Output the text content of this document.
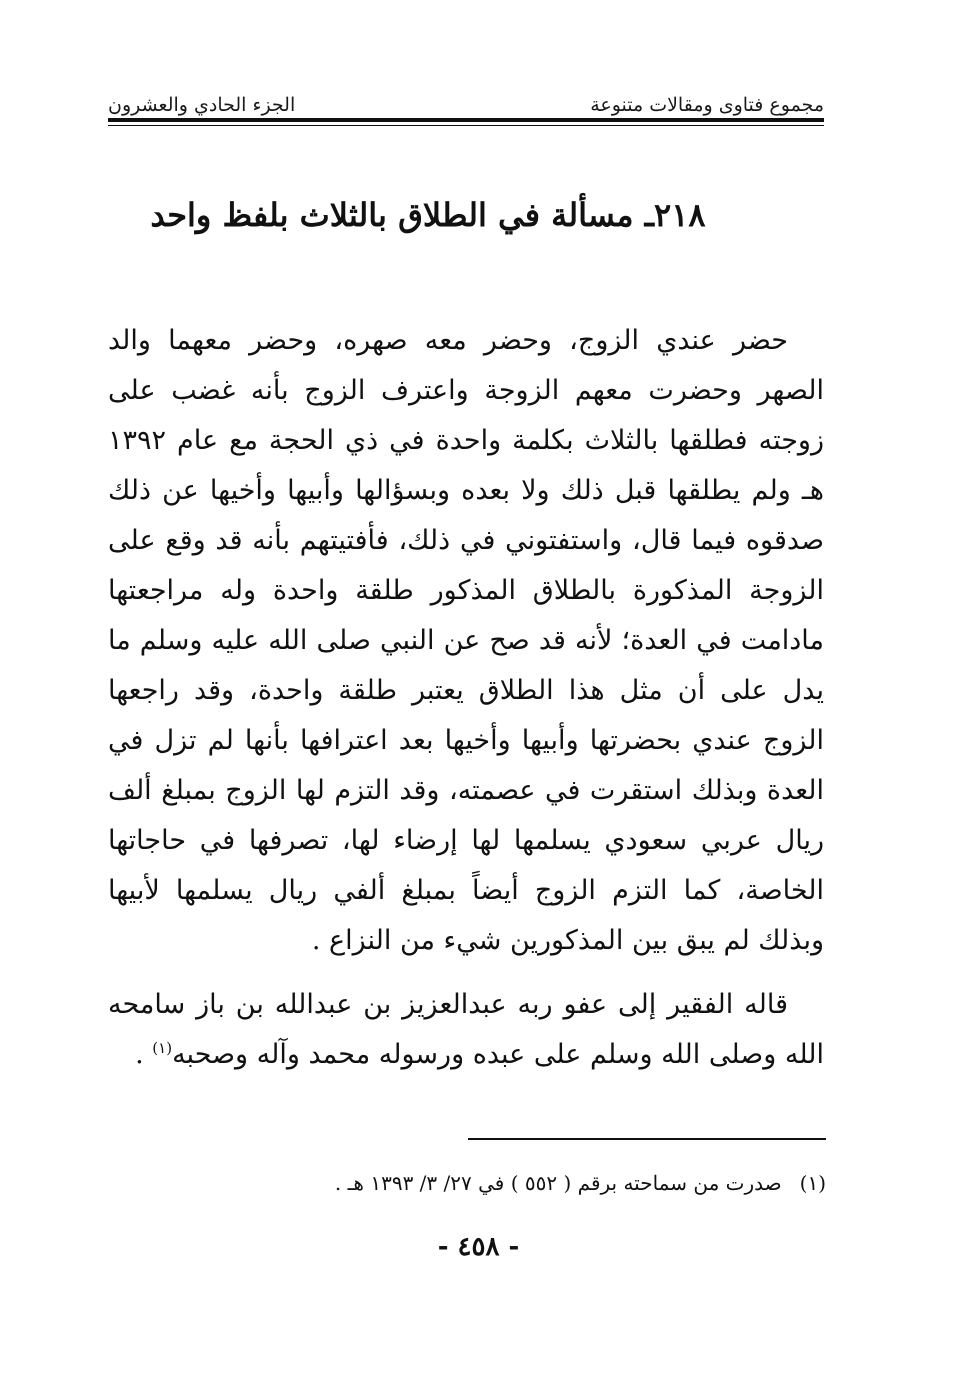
مجموع فتاوى ومقالات متنوعة
الجزء الحادي والعشرون
٢١٨ـ مسألة في الطلاق بالثلاث بلفظ واحد

حضر عندي الزوج، وحضر معه صهره، وحضر معهما والد الصهر وحضرت معهم الزوجة واعترف الزوج بأنه غضب على زوجته فطلقها بالثلاث بكلمة واحدة في ذي الحجة مع عام ١٣٩٢ هـ ولم يطلقها قبل ذلك ولا بعده وبسؤالها وأبيها وأخيها عن ذلك صدقوه فيما قال، واستفتوني في ذلك، فأفتيتهم بأنه قد وقع على الزوجة المذكورة بالطلاق المذكور طلقة واحدة وله مراجعتها مادامت في العدة؛ لأنه قد صح عن النبي صلى الله عليه وسلم ما يدل على أن مثل هذا الطلاق يعتبر طلقة واحدة، وقد راجعها الزوج عندي بحضرتها وأبيها وأخيها بعد اعترافها بأنها لم تزل في العدة وبذلك استقرت في عصمته، وقد التزم لها الزوج بمبلغ ألف ريال عربي سعودي يسلمها لها إرضاء لها، تصرفها في حاجاتها الخاصة، كما التزم الزوج أيضاً بمبلغ ألفي ريال يسلمها لأبيها وبذلك لم يبق بين المذكورين شيء من النزاع .

قاله الفقير إلى عفو ربه عبدالعزيز بن عبدالله بن باز سامحه الله وصلى الله وسلم على عبده ورسوله محمد وآله وصحبه$^{(١)}$ .

(١)صدرت من سماحته برقم ( ٥٥٢ ) في ٢٧/ ٣/ ١٣٩٣ هـ .

- ٤٥٨ -
